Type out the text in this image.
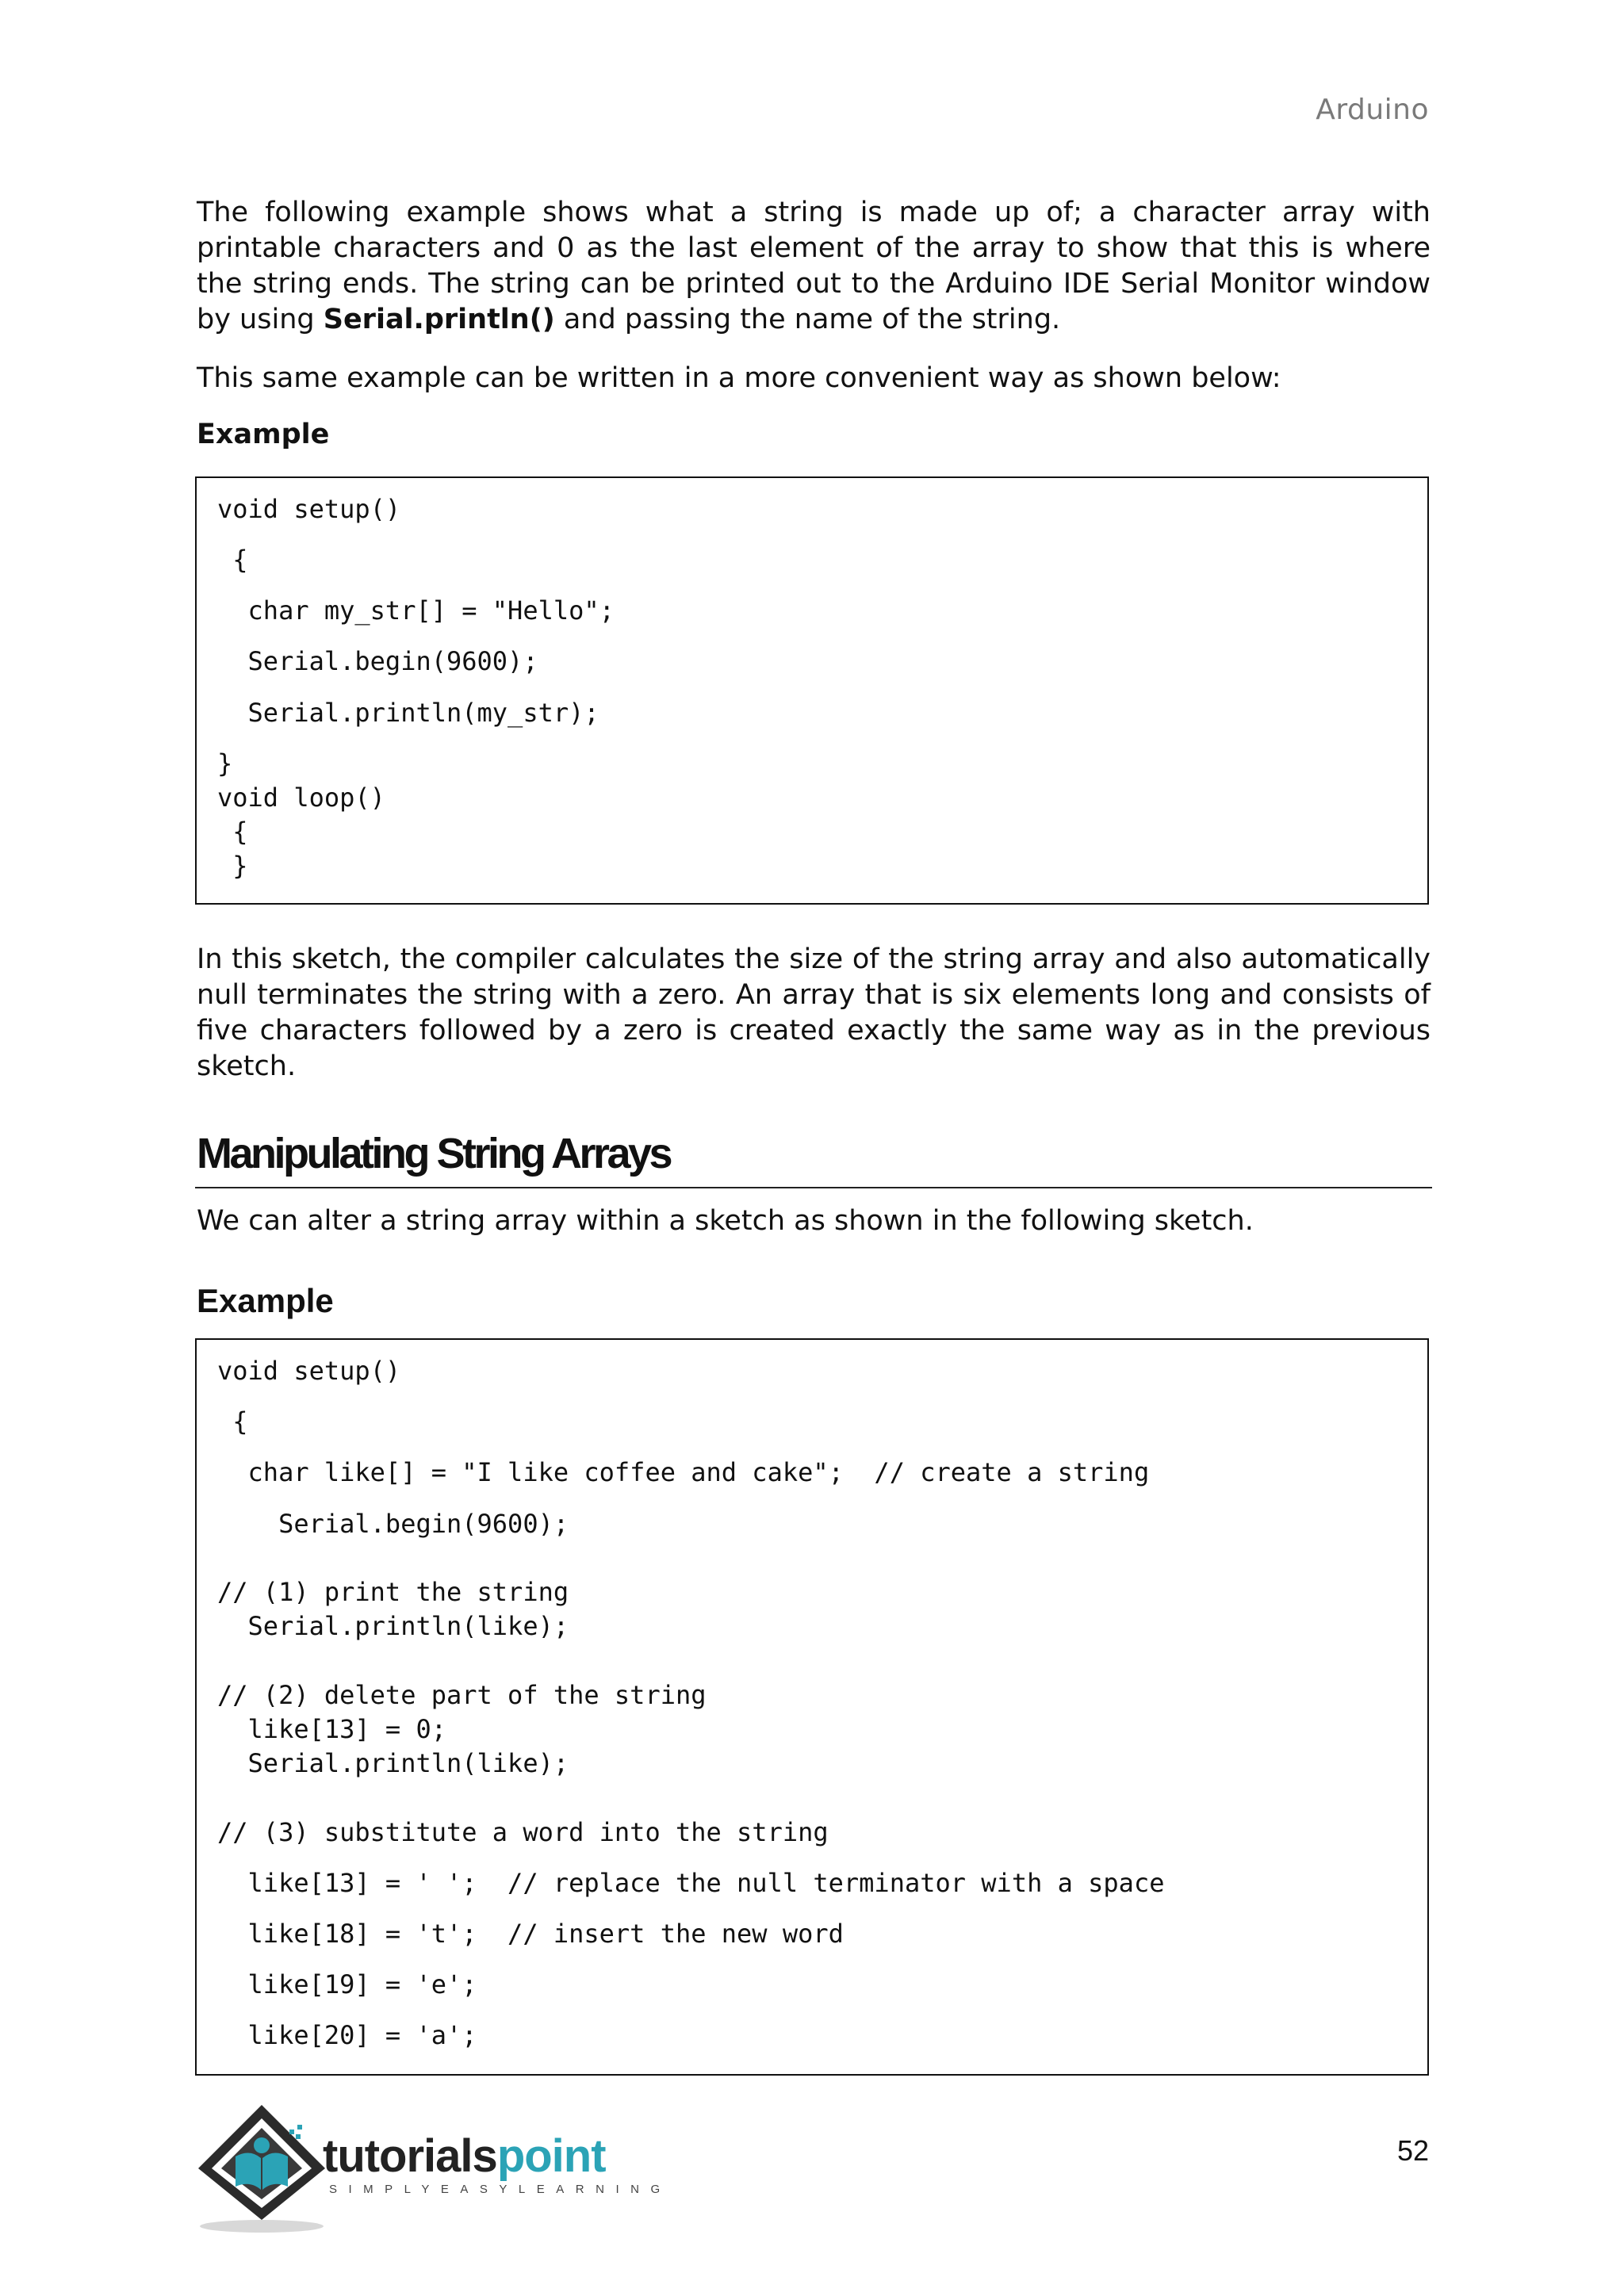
Arduino
The following example shows what a string is made up of; a character array with printable characters and 0 as the last element of the array to show that this is where the string ends. The string can be printed out to the Arduino IDE Serial Monitor window by using Serial.println() and passing the name of the string.
This same example can be written in a more convenient way as shown below:
Example
void setup()
{
char my_str[] = "Hello";
Serial.begin(9600);
Serial.println(my_str);
}
void loop()
{
}
In this sketch, the compiler calculates the size of the string array and also automatically null terminates the string with a zero. An array that is six elements long and consists of five characters followed by a zero is created exactly the same way as in the previous sketch.
Manipulating String Arrays
We can alter a string array within a sketch as shown in the following sketch.
Example
void setup()
{
char like[] = "I like coffee and cake";  // create a string
Serial.begin(9600);
// (1) print the string
Serial.println(like);
// (2) delete part of the string
like[13] = 0;
Serial.println(like);
// (3) substitute a word into the string
like[13] = ' ';  // replace the null terminator with a space
like[18] = 't';  // insert the new word
like[19] = 'e';
like[20] = 'a';
tutorialspoint
SIMPLYEASYLEARNING
52
